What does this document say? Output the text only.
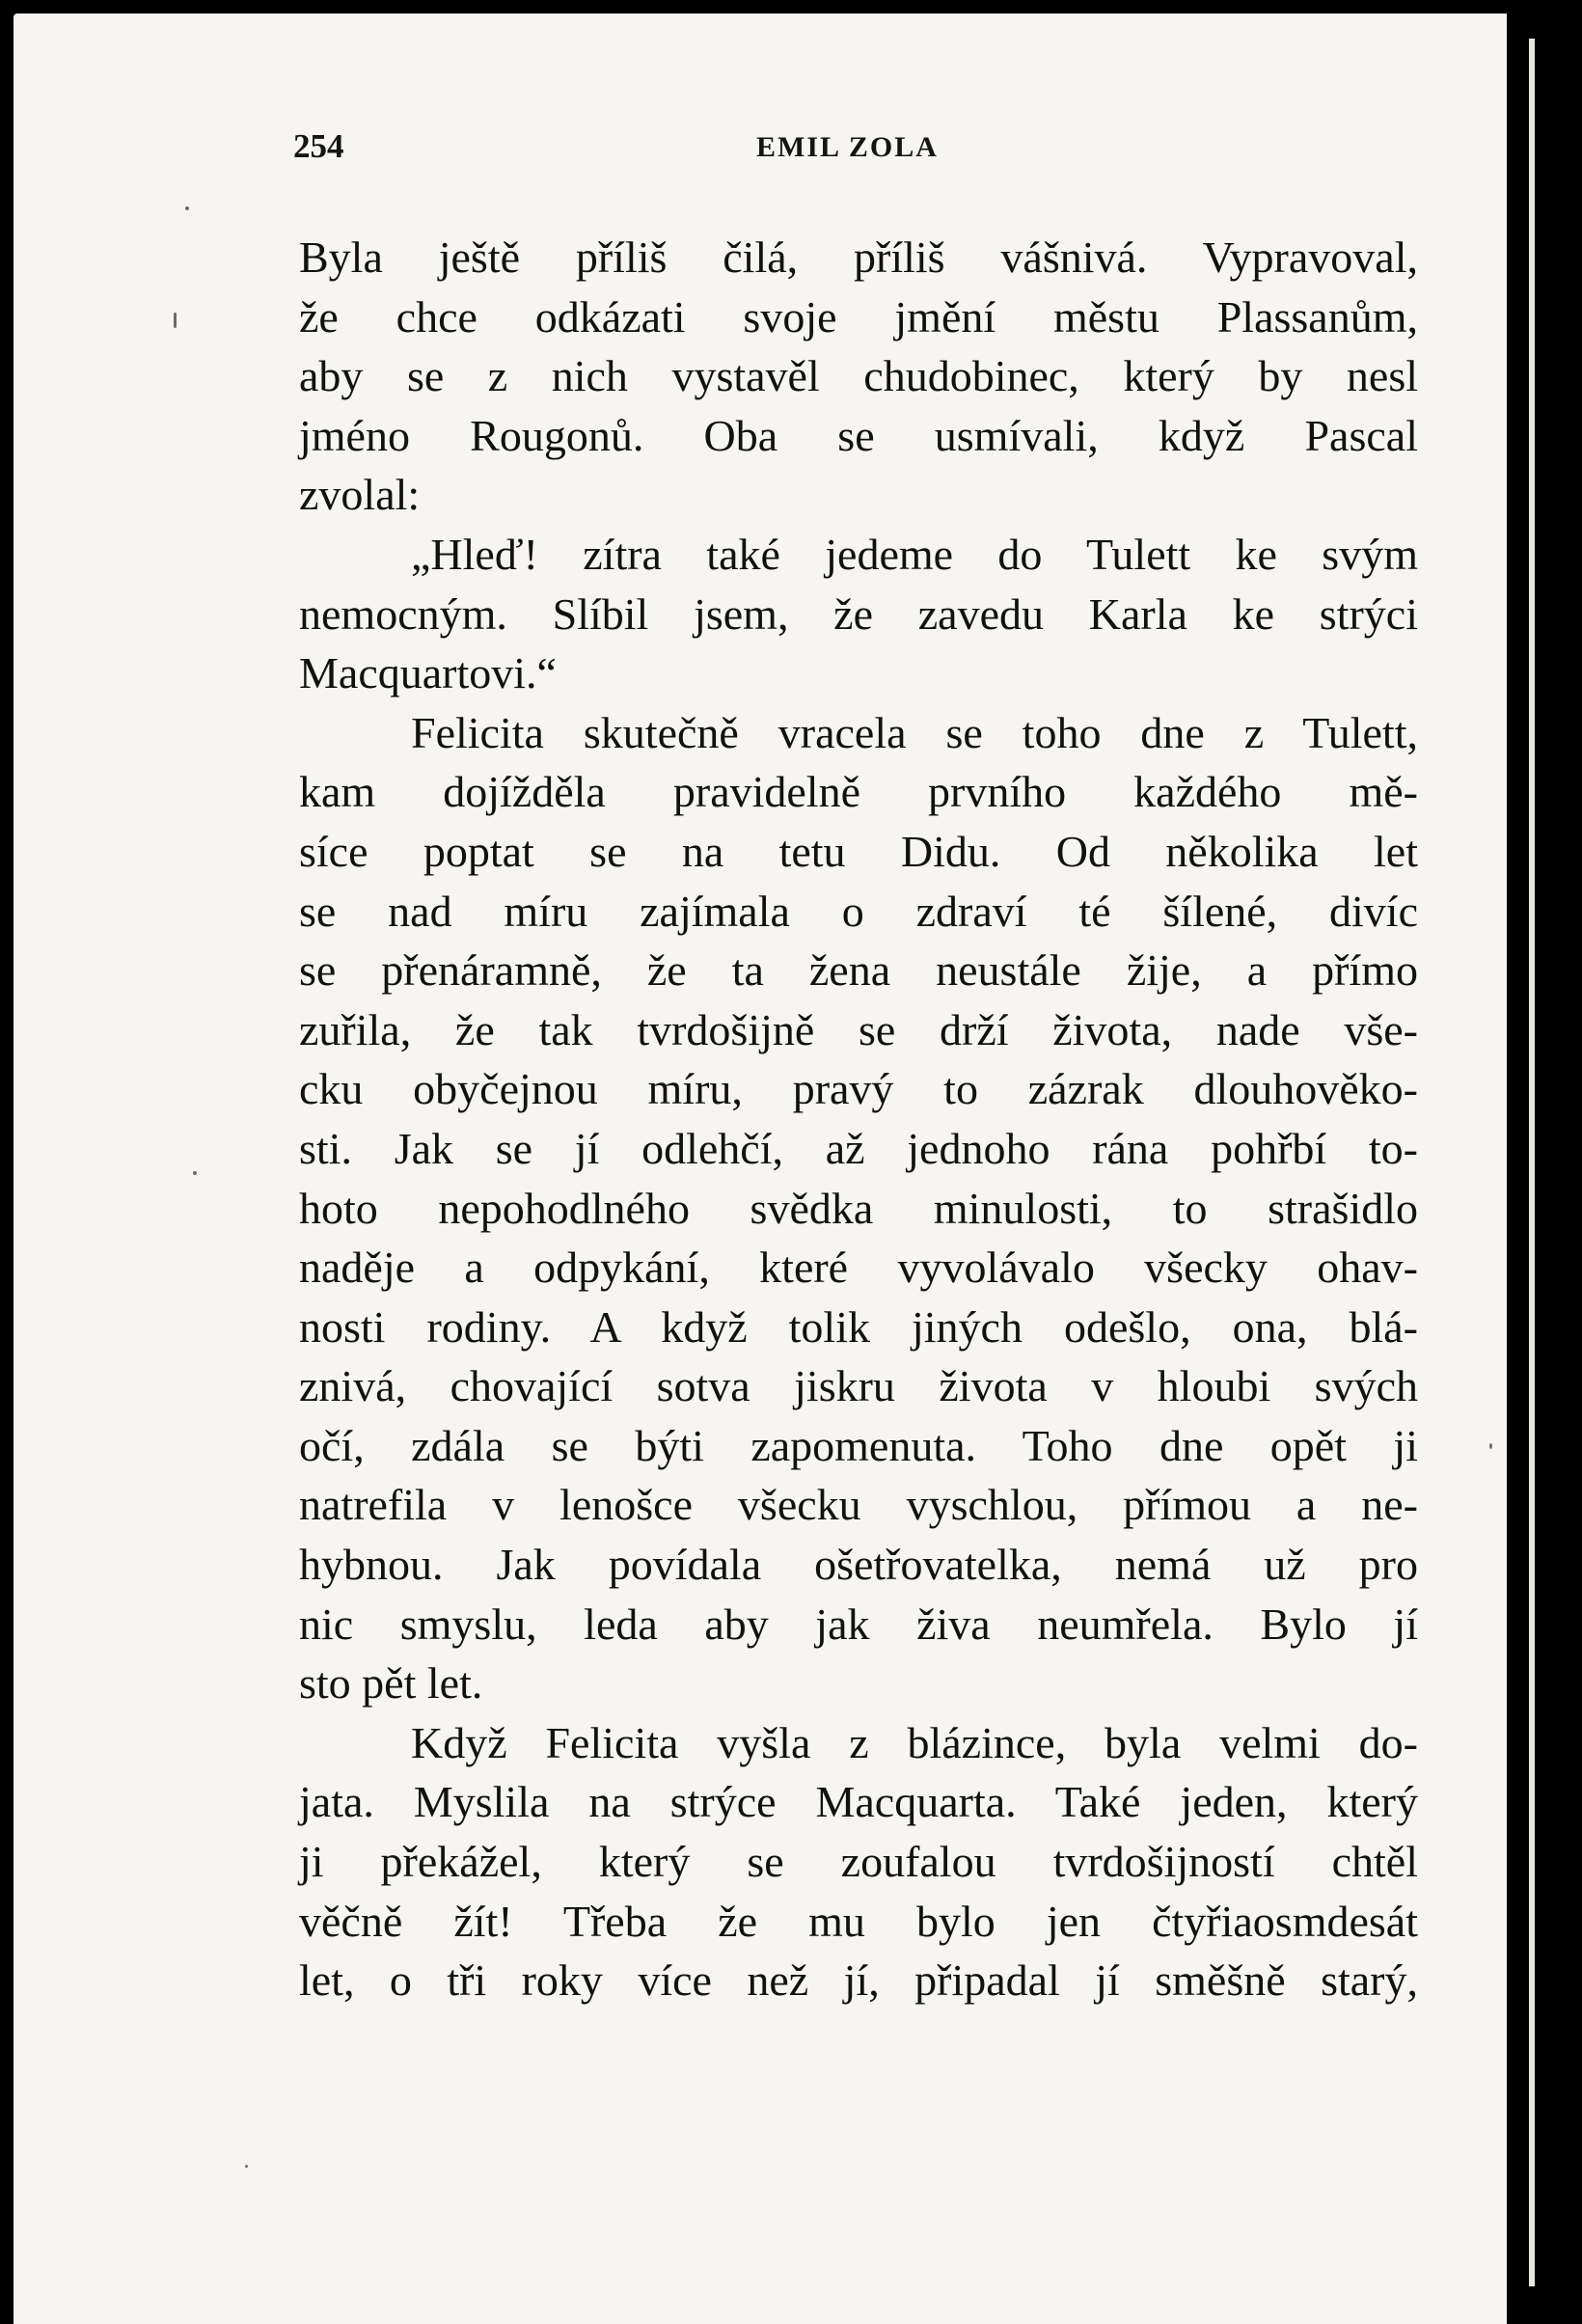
254	EMIL ZOLA
Byla ještě příliš čilá, příliš vášnivá. Vypravoval,
že chce odkázati svoje jmění městu Plassanům,
aby se z nich vystavěl chudobinec, který by nesl
jméno Rougonů. Oba se usmívali, když Pascal
zvolal:
„Hleď! zítra také jedeme do Tulett ke svým
nemocným. Slíbil jsem, že zavedu Karla ke strýci
Macquartovi.“
Felicita skutečně vracela se toho dne z Tulett,
kam dojížděla pravidelně prvního každého mě-
síce poptat se na tetu Didu. Od několika let
se nad míru zajímala o zdraví té šílené, divíc
se přenáramně, že ta žena neustále žije, a přímo
zuřila, že tak tvrdošijně se drží života, nade vše-
cku obyčejnou míru, pravý to zázrak dlouhověko-
sti. Jak se jí odlehčí, až jednoho rána pohřbí to-
hoto nepohodlného svědka minulosti, to strašidlo
naděje a odpykání, které vyvolávalo všecky ohav-
nosti rodiny. A když tolik jiných odešlo, ona, blá-
znivá, chovající sotva jiskru života v hloubi svých
očí, zdála se býti zapomenuta. Toho dne opět ji
natrefila v lenošce všecku vyschlou, přímou a ne-
hybnou. Jak povídala ošetřovatelka, nemá už pro
nic smyslu, leda aby jak živa neumřela. Bylo jí
sto pět let.
Když Felicita vyšla z blázince, byla velmi do-
jata. Myslila na strýce Macquarta. Také jeden, který
ji překážel, který se zoufalou tvrdošijností chtěl
věčně žít! Třeba že mu bylo jen čtyřiaosmdesát
let, o tři roky více než jí, připadal jí směšně starý,
